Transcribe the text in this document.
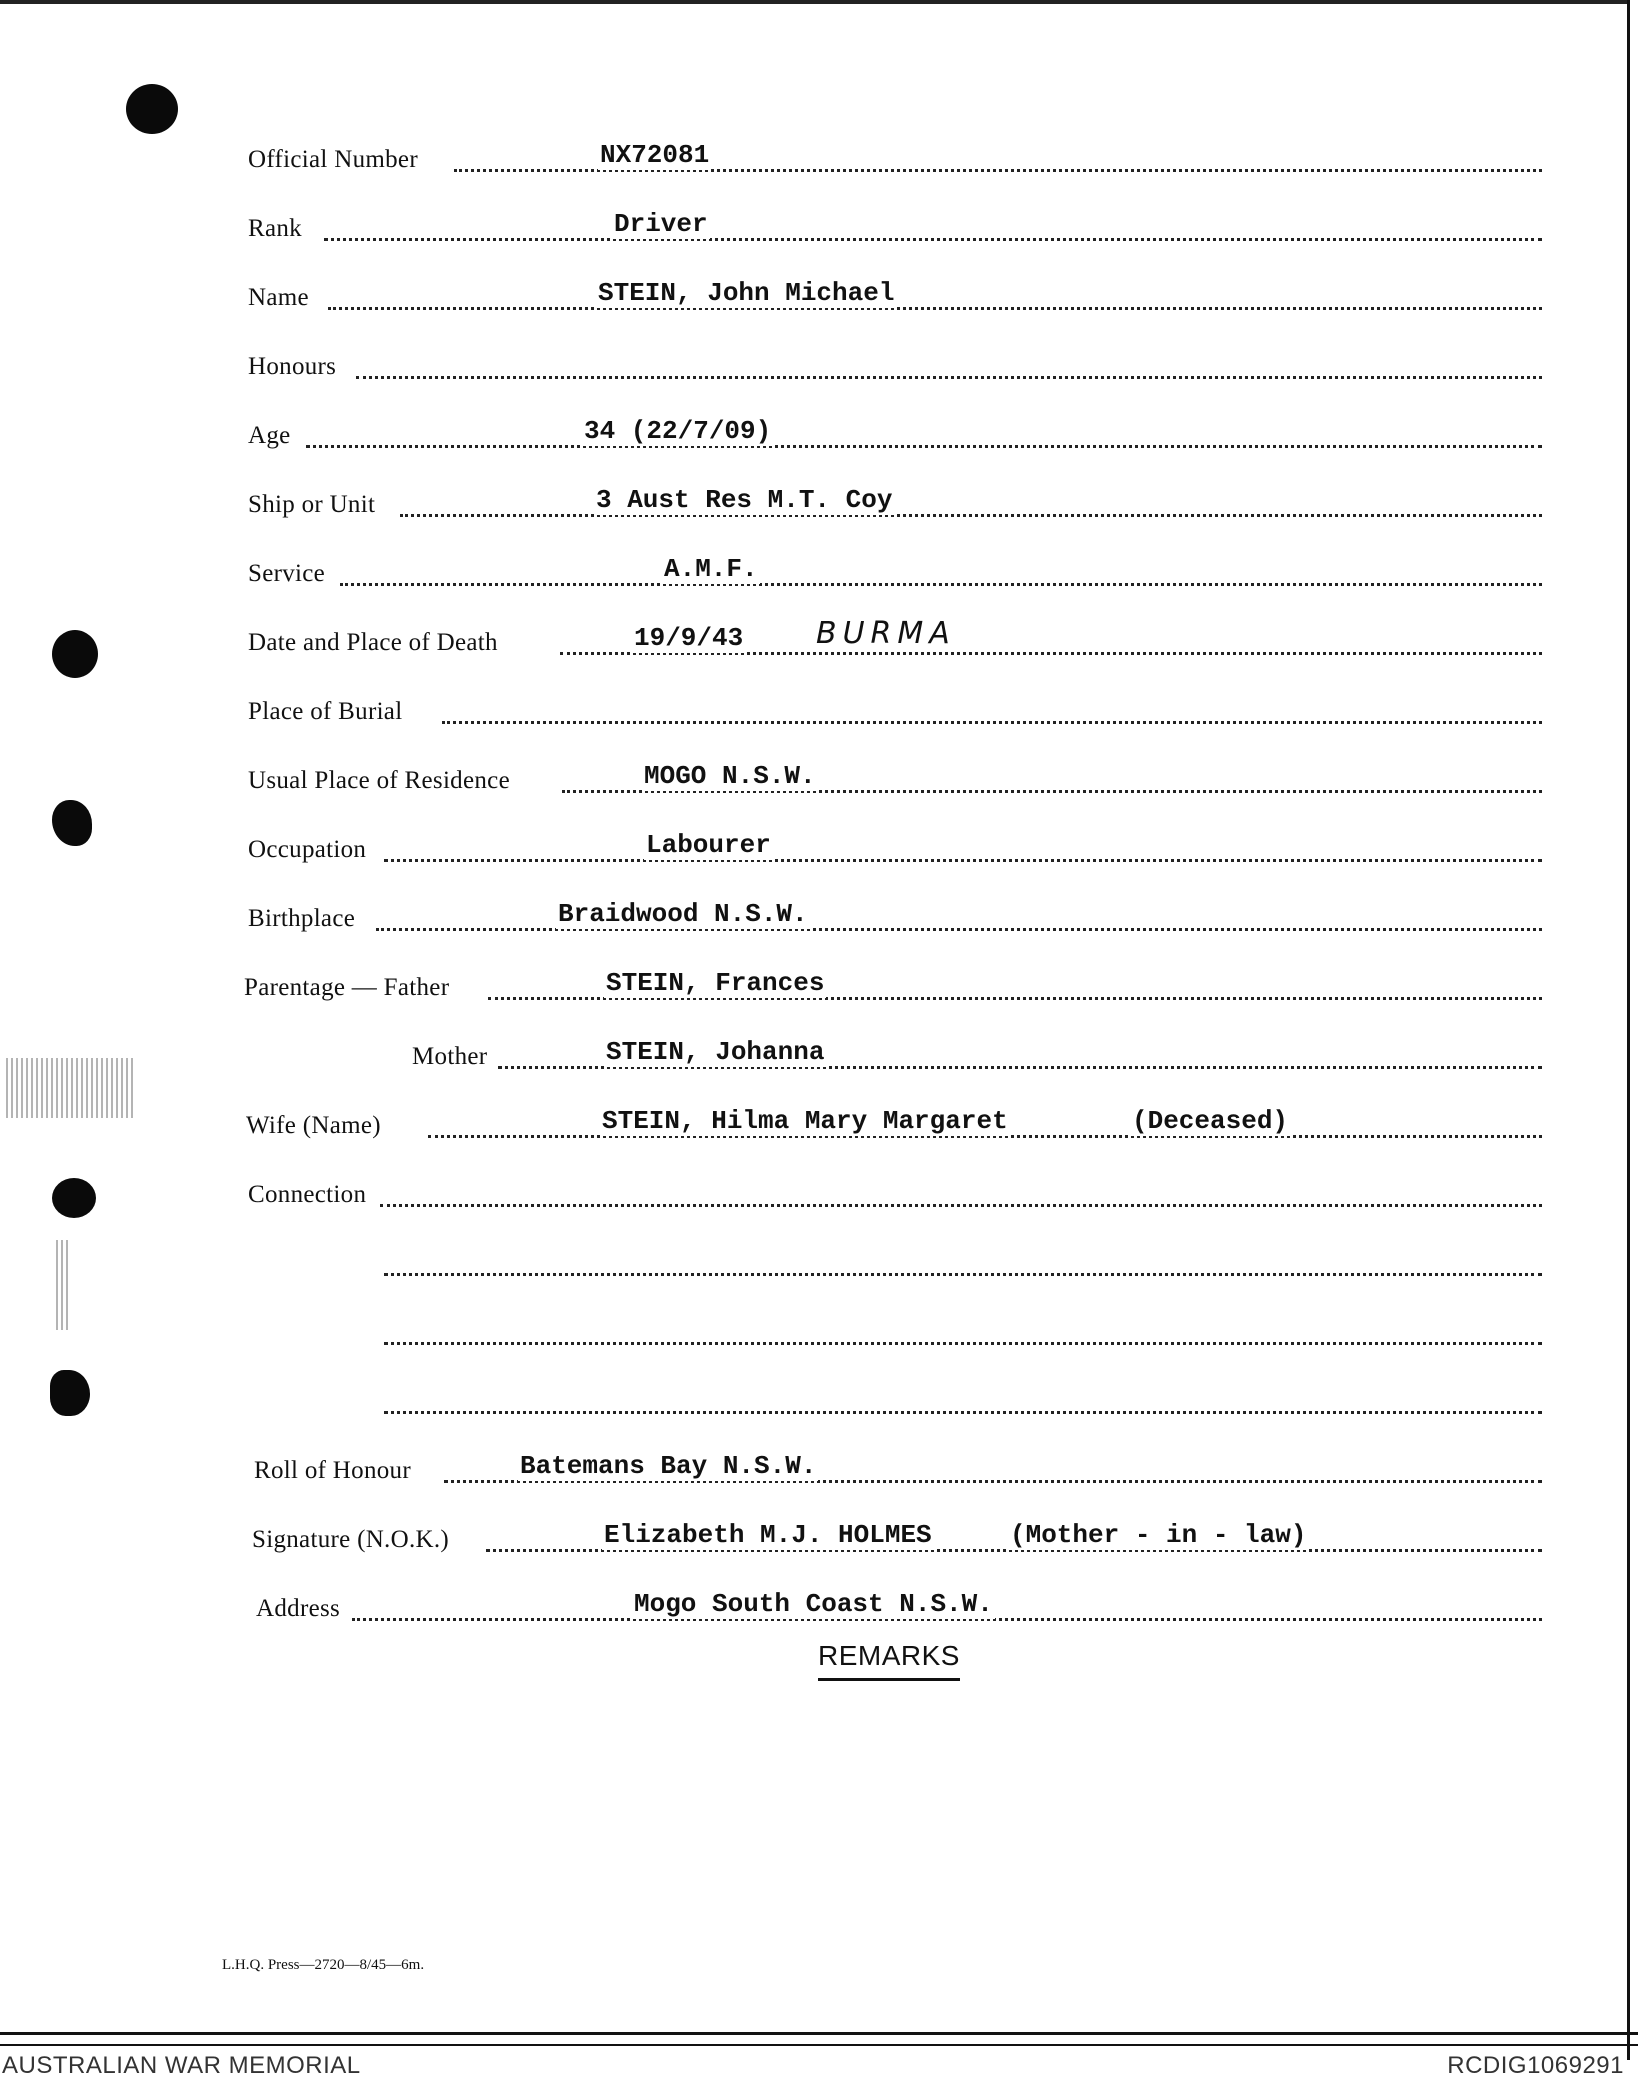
Official Number	NX72081
Rank	Driver
Name	STEIN, John Michael
Honours
Age	34 (22/7/09)
Ship or Unit	3 Aust Res M.T. Coy
Service	A.M.F.
Date and Place of Death	19/9/43 BURMA
Place of Burial
Usual Place of Residence	MOGO N.S.W.
Occupation	Labourer
Birthplace	Braidwood N.S.W.
Parentage — Father	STEIN, Frances
Mother	STEIN, Johanna
Wife (Name)	STEIN, Hilma Mary Margaret	(Deceased)
Connection
Roll of Honour	Batemans Bay N.S.W.
Signature (N.O.K.)	Elizabeth M.J. HOLMES	(Mother - in - law)
Address	Mogo South Coast N.S.W.
REMARKS
L.H.Q. Press—2720—8/45—6m.
AUSTRALIAN WAR MEMORIAL	RCDIG1069291
